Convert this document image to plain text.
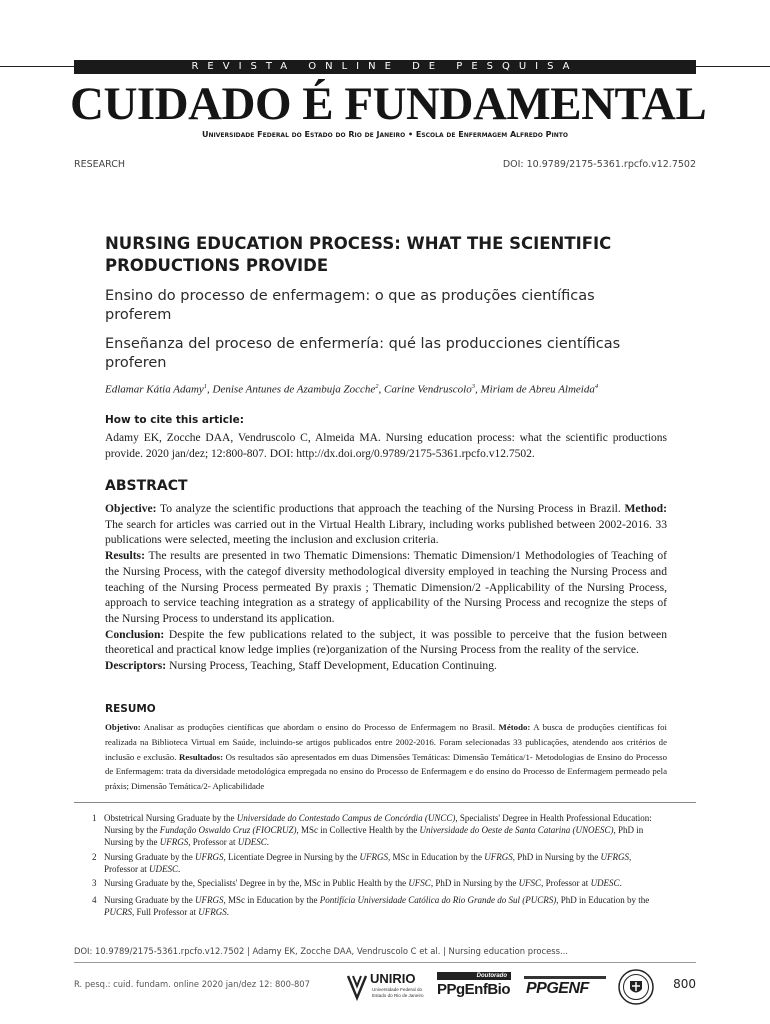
REVISTA ONLINE DE PESQUISA
CUIDADO É FUNDAMENTAL
Universidade Federal do Estado do Rio de Janeiro • Escola de Enfermagem Alfredo Pinto
RESEARCH	DOI: 10.9789/2175-5361.rpcfo.v12.7502
NURSING EDUCATION PROCESS: WHAT THE SCIENTIFIC PRODUCTIONS PROVIDE
Ensino do processo de enfermagem: o que as produções científicas proferem
Enseñanza del proceso de enfermería: qué las producciones científicas proferen
Edlamar Kátia Adamy$^1$, Denise Antunes de Azambuja Zocche$^2$, Carine Vendruscolo$^3$, Miriam de Abreu Almeida$^4$
How to cite this article:
Adamy EK, Zocche DAA, Vendruscolo C, Almeida MA. Nursing education process: what the scientific productions provide. 2020 jan/dez; 12:800-807. DOI: http://dx.doi.org/0.9789/2175-5361.rpcfo.v12.7502.
ABSTRACT

Objective: To analyze the scientific productions that approach the teaching of the Nursing Process in Brazil. Method: The search for articles was carried out in the Virtual Health Library, including works published between 2002-2016. 33 publications were selected, meeting the inclusion and exclusion criteria.

Results: The results are presented in two Thematic Dimensions: Thematic Dimension/1 Methodologies of Teaching of the Nursing Process, with the categof diversity methodological diversity employed in teaching the Nursing Process and teaching of the Nursing Process permeated By praxis ; Thematic Dimension/2 -Applicability of the Nursing Process, approach to service teaching integration as a strategy of applicability of the Nursing Process and recognize the steps of the Nursing Process to understand its application.

Conclusion: Despite the few publications related to the subject, it was possible to perceive that the fusion between theoretical and practical know ledge implies (re)organization of the Nursing Process from the reality of the service.

Descriptors: Nursing Process, Teaching, Staff Development, Education Continuing.

RESUMO

Objetivo: Analisar as produções científicas que abordam o ensino do Processo de Enfermagem no Brasil. Método: A busca de produções científicas foi realizada na Biblioteca Virtual em Saúde, incluindo-se artigos publicados entre 2002-2016. Foram selecionadas 33 publicações, atendendo aos critérios de inclusão e exclusão. Resultados: Os resultados são apresentados em duas Dimensões Temáticas: Dimensão Temática/1- Metodologias de Ensino do Processo de Enfermagem: trata da diversidade metodológica empregada no ensino do Processo de Enfermagem e do ensino do Processo de Enfermagem permeado pela práxis; Dimensão Temática/2- Aplicabilidade

1 Obstetrical Nursing Graduate by the Universidade do Contestado Campus de Concórdia (UNCC), Specialists' Degree in Health Professional Education: Nursing by the Fundação Oswaldo Cruz (FIOCRUZ), MSc in Collective Health by the Universidade do Oeste de Santa Catarina (UNOESC), PhD in Nursing by the UFRGS, Professor at UDESC.
2 Nursing Graduate by the UFRGS, Licentiate Degree in Nursing by the UFRGS, MSc in Education by the UFRGS, PhD in Nursing by the UFRGS, Professor at UDESC.
3 Nursing Graduate by the, Specialists' Degree in by the, MSc in Public Health by the UFSC, PhD in Nursing by the UFSC, Professor at UDESC.
4 Nursing Graduate by the UFRGS, MSc in Education by the Pontifícia Universidade Católica do Rio Grande do Sul (PUCRS), PhD in Education by the PUCRS, Full Professor at UFRGS.
DOI: 10.9789/2175-5361.rpcfo.v12.7502 | Adamy EK, Zocche DAA, Vendruscolo C et al. | Nursing education process...
R. pesq.: cuid. fundam. online 2020 jan/dez 12: 800-807	UNIRIO
Universidade Federal do
Estado do Rio de Janeiro
Doutorado
PPgEnfBio PPGENF	800
